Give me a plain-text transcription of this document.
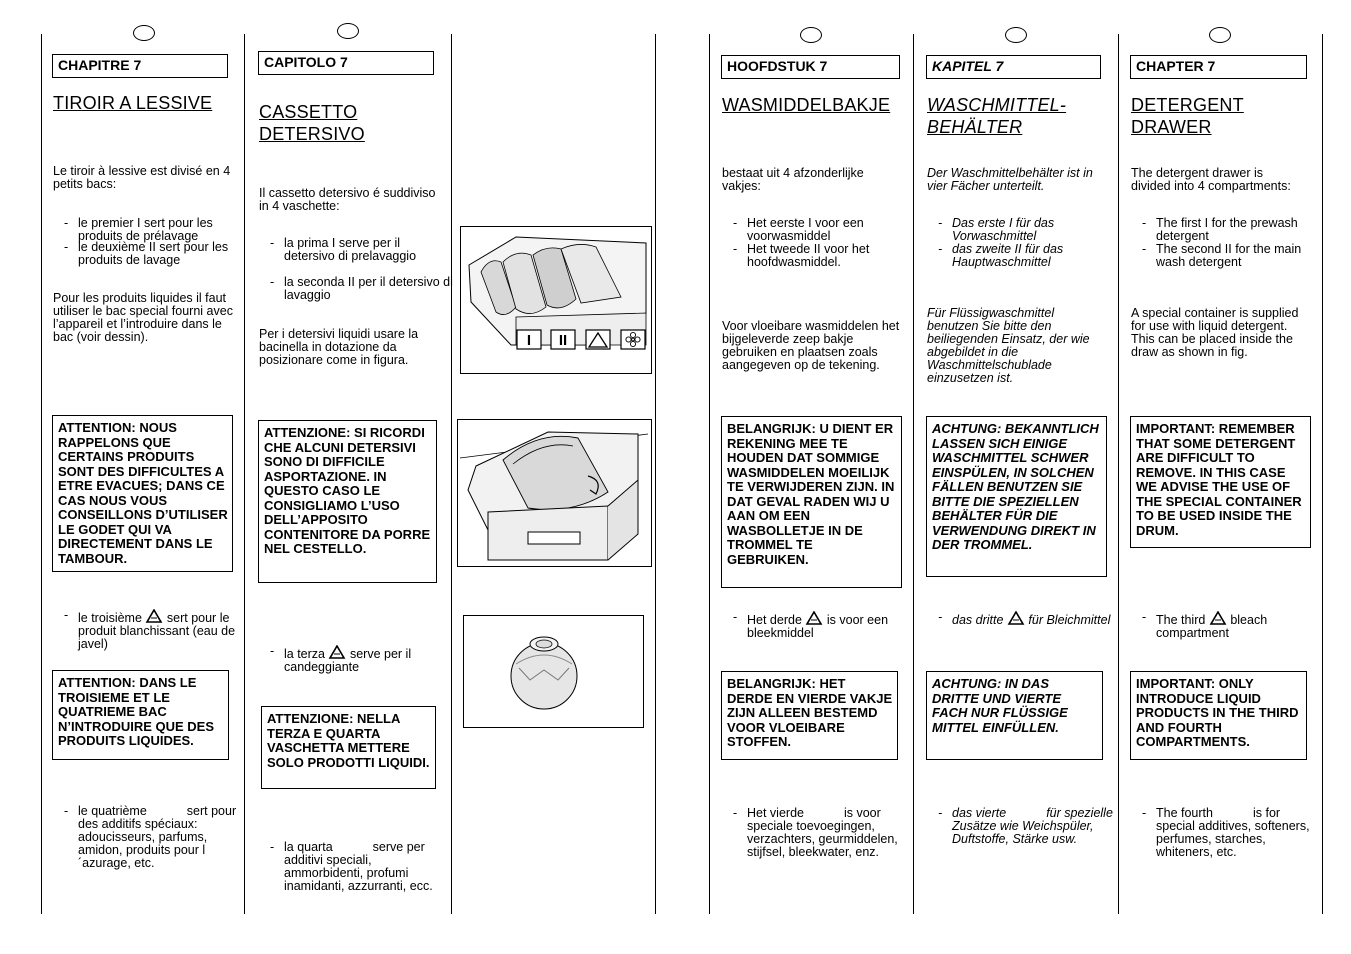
CHAPITRE 7
TIROIR A LESSIVE
Le tiroir à lessive est divisé en 4 petits bacs:
- le premier I sert pour les produits de prélavage
- le deuxième II sert pour les produits de lavage
Pour les produits liquides il faut utiliser le bac special fourni avec l’appareil et l’introduire dans le bac (voir dessin).
ATTENTION: NOUS RAPPELONS QUE CERTAINS PRODUITS SONT DES DIFFICULTES A ETRE EVACUES; DANS CE CAS NOUS VOUS CONSEILLONS D’UTILISER LE GODET QUI VA DIRECTEMENT DANS LE TAMBOUR.
- le troisième sert pour le produit blanchissant (eau de javel)
ATTENTION: DANS LE TROISIEME ET LE QUATRIEME BAC N’INTRODUIRE QUE DES PRODUITS LIQUIDES.
- le quatrième	sert pour des additifs spéciaux: adoucisseurs, parfums, amidon, produits pour l´azurage, etc.
CAPITOLO 7
CASSETTO DETERSIVO
Il cassetto detersivo é suddiviso in 4 vaschette:
- la prima I serve per il detersivo di prelavaggio
- la seconda II per il detersivo di lavaggio
Per i detersivi liquidi usare la bacinella in dotazione da posizionare come in figura.
ATTENZIONE: SI RICORDI CHE ALCUNI DETERSIVI SONO DI DIFFICILE ASPORTAZIONE. IN QUESTO CASO LE CONSIGLIAMO L’USO DELL’APPOSITO CONTENITORE DA PORRE NEL CESTELLO.
- la terza serve per il candeggiante
ATTENZIONE: NELLA TERZA E QUARTA VASCHETTA METTERE SOLO PRODOTTI LIQUIDI.
- la quarta	serve per additivi speciali, ammorbidenti, profumi inamidanti, azzurranti, ecc.
I II
HOOFDSTUK 7
WASMIDDELBAKJE
bestaat uit 4 afzonderlijke vakjes:
- Het eerste I voor een voorwasmiddel
- Het tweede II voor het hoofdwasmiddel.
Voor vloeibare wasmiddelen het bijgeleverde zeep bakje gebruiken en plaatsen zoals aangegeven op de tekening.
BELANGRIJK: U DIENT ER REKENING MEE TE HOUDEN DAT SOMMIGE WASMIDDELEN MOEILIJK TE VERWIJDEREN ZIJN. IN DAT GEVAL RADEN WIJ U AAN OM EEN WASBOLLETJE IN DE TROMMEL TE GEBRUIKEN.
- Het derde is voor een bleekmiddel
BELANGRIJK: HET DERDE EN VIERDE VAKJE ZIJN ALLEEN BESTEMD VOOR VLOEIBARE STOFFEN.
- Het vierde	is voor speciale toevoegingen, verzachters, geurmiddelen, stijfsel, bleekwater, enz.
KAPITEL 7
WASCHMITTEL-BEHÄLTER
Der Waschmittelbehälter ist in vier Fächer unterteilt.
- Das erste I für das Vorwaschmittel
- das zweite II für das Hauptwaschmittel
Für Flüssigwaschmittel benutzen Sie bitte den beiliegenden Einsatz, der wie abgebildet in die Waschmittelschublade einzusetzen ist.
ACHTUNG: BEKANNTLICH LASSEN SICH EINIGE WASCHMITTEL SCHWER EINSPÜLEN, IN SOLCHEN FÄLLEN BENUTZEN SIE BITTE DIE SPEZIELLEN BEHÄLTER FÜR DIE VERWENDUNG DIREKT IN DER TROMMEL.
- das dritte für Bleichmittel
ACHTUNG: IN DAS DRITTE UND VIERTE FACH NUR FLÜSSIGE MITTEL EINFÜLLEN.
- das vierte	für spezielle Zusätze wie Weichspüler, Duftstoffe, Stärke usw.
CHAPTER 7
DETERGENT DRAWER
The detergent drawer is divided into 4 compartments:
- The first I for the prewash detergent
- The second II for the main wash detergent
A special container is supplied for use with liquid detergent. This can be placed inside the draw as shown in fig.
IMPORTANT: REMEMBER THAT SOME DETERGENT ARE DIFFICULT TO REMOVE. IN THIS CASE WE ADVISE THE USE OF THE SPECIAL CONTAINER TO BE USED INSIDE THE DRUM.
- The third bleach compartment
IMPORTANT: ONLY INTRODUCE LIQUID PRODUCTS IN THE THIRD AND FOURTH COMPARTMENTS.
- The fourth	is for special additives, softeners, perfumes, starches, whiteners, etc.
